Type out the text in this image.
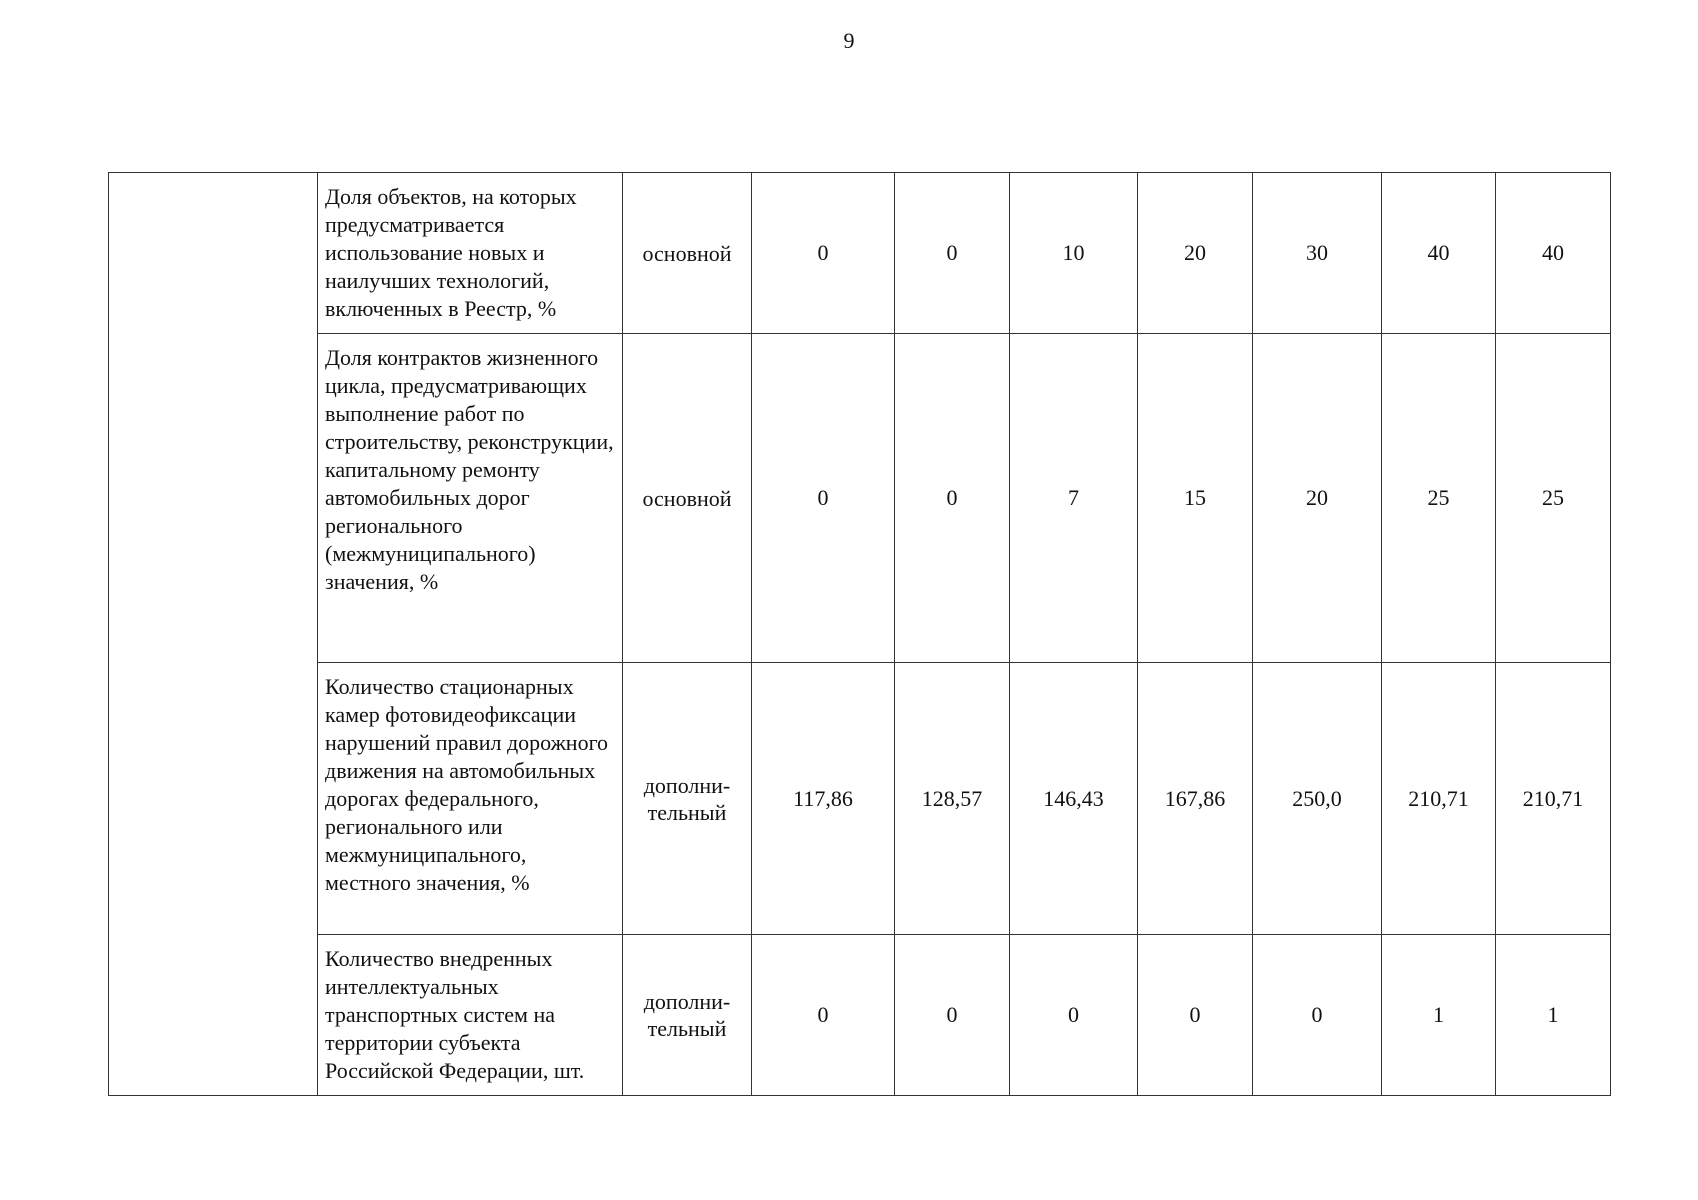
9
	Доля объектов, на которых предусматривается использование новых и наилучших технологий, включенных в Реестр, %	основной	0	0	10	20	30	40	40
	Доля контрактов жизненного цикла, предусматривающих выполнение работ по строительству, реконструкции, капитальному ремонту автомобильных дорог регионального (межмуниципального) значения, %	основной	0	0	7	15	20	25	25
	Количество стационарных камер фотовидеофиксации нарушений правил дорожного движения на автомобильных дорогах федерального, регионального или межмуниципального, местного значения, %	дополни-
тельный	117,86	128,57	146,43	167,86	250,0	210,71	210,71
	Количество внедренных интеллектуальных транспортных систем на территории субъекта Российской Федерации, шт.	дополни-
тельный	0	0	0	0	0	1	1
